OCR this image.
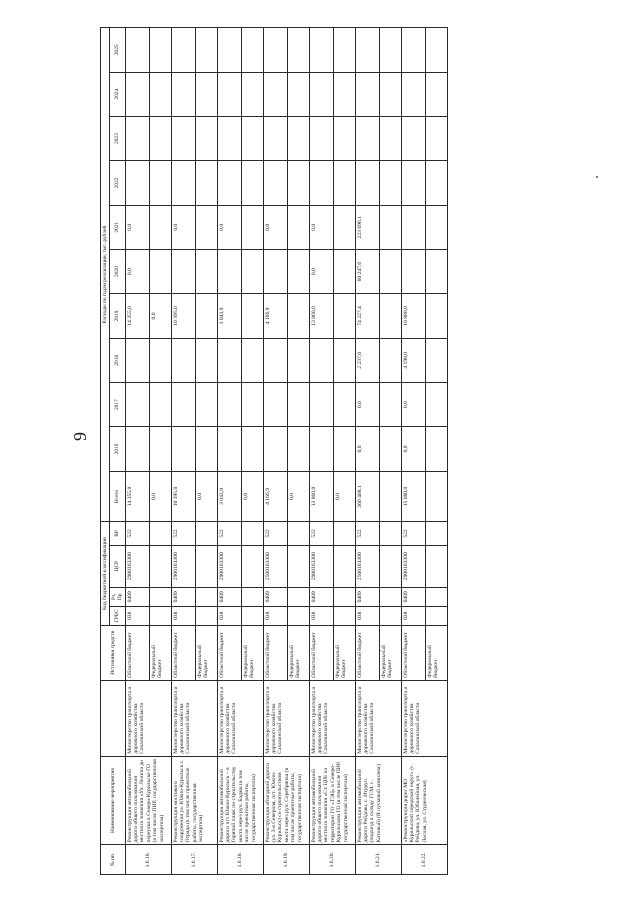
9
№ пп.	Наименование мероприятия		Источники средств	Код бюджетной классификации				Расходы по годам реализации, тыс. рублей										
				ГРБС	Рз, Пр	ЦСР	ВР	Всего	2016	2017	2018	2019	2020	2021	2022	2023	2024	2025
1.6.16.	Реконструкция автомобильной дороги общего пользования местного значения «Ул. Ленина до переулка в Северо-Курильске ГО (в том числе ПИР, государственная экспертиза)	Министерство транспорта и дорожного хозяйства Сахалинской области	Областной бюджет	038	0409	2900163300	522	14 355,0				14 355,0	0,0	0,0				
			Федеральный бюджет					0,0				0,0						
1.6.17.	Реконструкция мостового сооружения ул. Южно-Курильск с. Отрада (в том числе проектные работы, государственная экспертиза)	Министерство транспорта и дорожного хозяйства Сахалинской области	Областной бюджет	038	0409	2900163300	522	10 395,0				10 395,0		0,0				
			Федеральный бюджет					0,0										
1.6.18.	Реконструкция автомобильной дороги пгт Южно-Курильск – в Горячий пляж по строительству моста через руч. Бадаш (в том числе проектные работы, государственная экспертиза)	Министерство транспорта и дорожного хозяйства Сахалинской области	Областной бюджет	038	0409	2900163300	522	3 043,9				3 043,9		0,0				
			Федеральный бюджет					0,0										
1.6.19.	Реконструкция объездной дороги (ул. 3-я Северная, пгт. Южно-Курильск) со строительством моста через руч. Серебрянка (в том числе проектные работы, государственная экспертиза)	Министерство транспорта и дорожного хозяйства Сахалинской области	Областной бюджет	038	0409	2500163300	522	4 166,9				4 166,9		0,0				
			Федеральный бюджет					0,0										
1.6.20.	Реконструкция автомобильной дороги общего пользования местного значения «Ст. ЦРБ на территории ГО «ТЭЦ» в Северо-Курильском ГО (в том числе ПИР, государственная экспертиза)	Министерство транспорта и дорожного хозяйства Сахалинской области	Областной бюджет	038	0409	2900163300	522	13 860,0				13 860,0	0,0	0,0				
			Федеральный бюджет					0,0										
1.6.21.	Реконструкция автомобильной дороги Рейдово, с. Итуруп (подъезд к складу ГСМ, с. Китовый) (II пусковой комплекс)	Министерство транспорта и дорожного хозяйства Сахалинской области	Областной бюджет	038	0409	2500163300	522	360 408,1	0,0	0,0	2 237,0	74 227,4	60 247,6	223 696,1				
			Федеральный бюджет															
1.6.22.	«Реконструкция дорог МО Курильский городской округ» (с. Рейдово, ул. Юбилейная, ул. Лесная, ул. Студенческая)	Министерство транспорта и дорожного хозяйства Сахалинской области	Областной бюджет	038	0409	2900163300	522	15 080,0	0,0	0,0	4 198,0	10 880,0						
			Федеральный бюджет															
